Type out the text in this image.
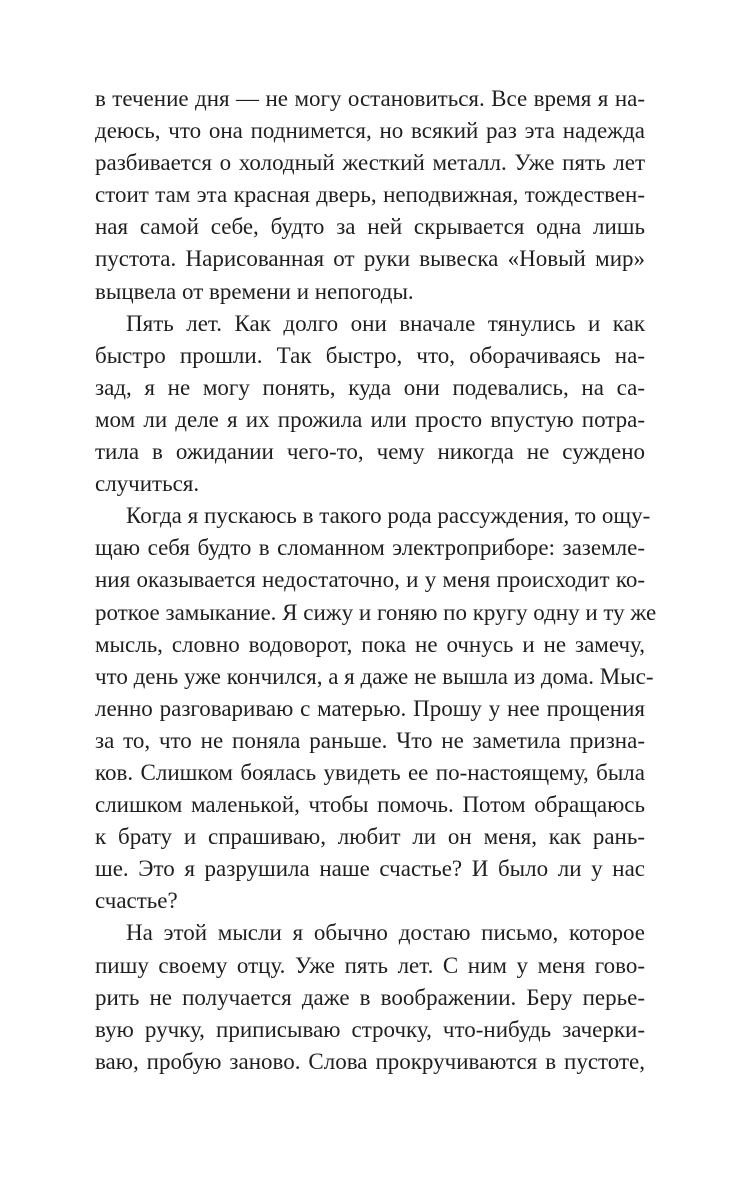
в течение дня — не могу остановиться. Все время я на-
деюсь, что она поднимется, но всякий раз эта надежда
разбивается о холодный жесткий металл. Уже пять лет
стоит там эта красная дверь, неподвижная, тождествен-
ная самой себе, будто за ней скрывается одна лишь
пустота. Нарисованная от руки вывеска «Новый мир»
выцвела от времени и непогоды.
Пять лет. Как долго они вначале тянулись и как
быстро прошли. Так быстро, что, оборачиваясь на-
зад, я не могу понять, куда они подевались, на са-
мом ли деле я их прожила или просто впустую потра-
тила в ожидании чего-то, чему никогда не суждено
случиться.
Когда я пускаюсь в такого рода рассуждения, то ощу-
щаю себя будто в сломанном электроприборе: заземле-
ния оказывается недостаточно, и у меня происходит ко-
роткое замыкание. Я сижу и гоняю по кругу одну и ту же
мысль, словно водоворот, пока не очнусь и не замечу,
что день уже кончился, а я даже не вышла из дома. Мыс-
ленно разговариваю с матерью. Прошу у нее прощения
за то, что не поняла раньше. Что не заметила призна-
ков. Слишком боялась увидеть ее по-настоящему, была
слишком маленькой, чтобы помочь. Потом обращаюсь
к брату и спрашиваю, любит ли он меня, как рань-
ше. Это я разрушила наше счастье? И было ли у нас
счастье?
На этой мысли я обычно достаю письмо, которое
пишу своему отцу. Уже пять лет. С ним у меня гово-
рить не получается даже в воображении. Беру перье-
вую ручку, приписываю строчку, что-нибудь зачерки-
ваю, пробую заново. Слова прокручиваются в пустоте,
